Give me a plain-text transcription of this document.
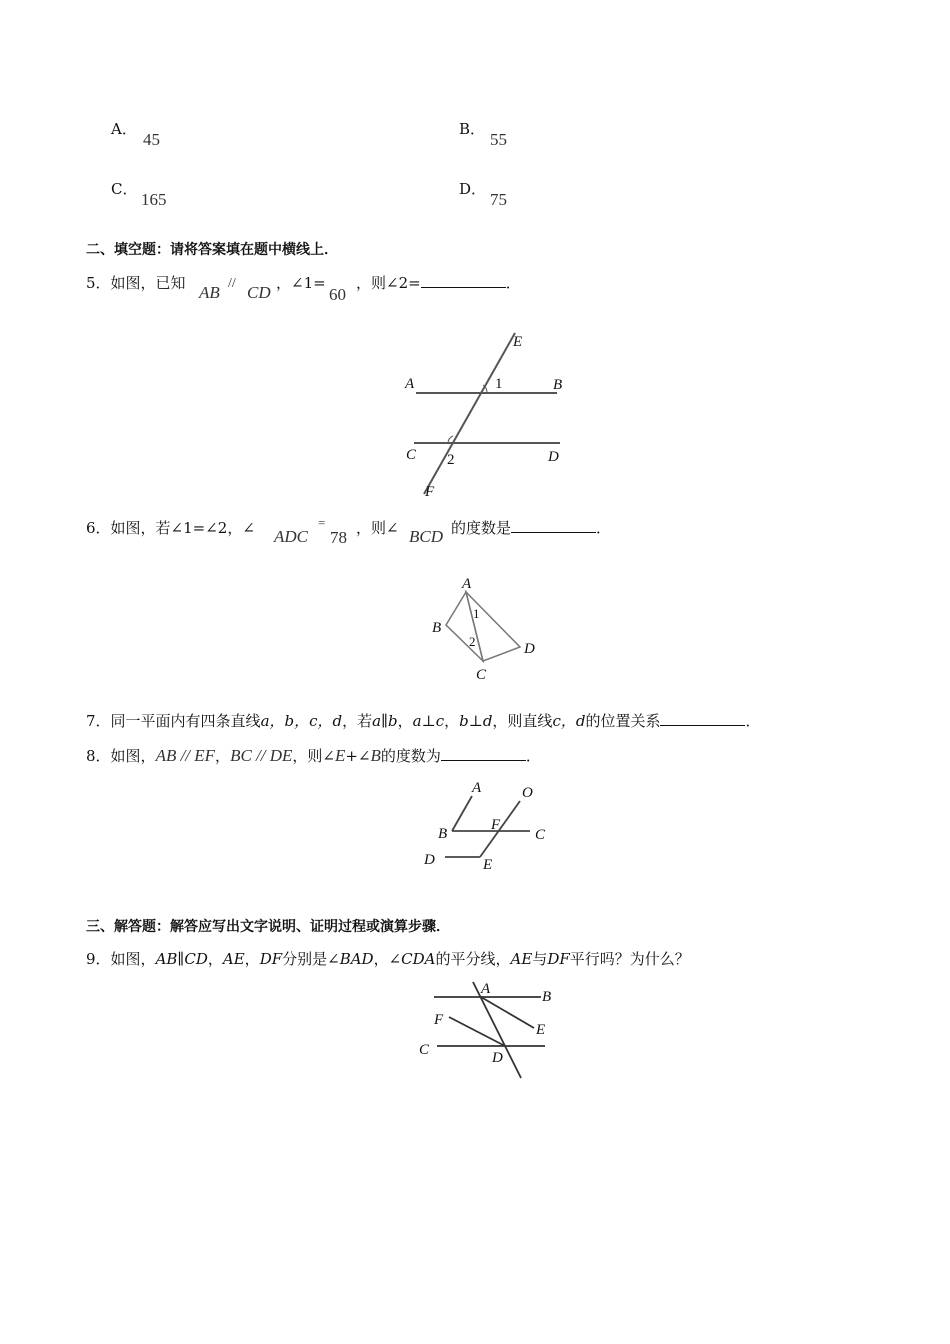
A．
45
B．
55
C．
165
D．
75
二、填空题：请将答案填在题中横线上．
5．如图，已知 AB // CD ，∠1=
60
，则∠2=	．
E
A	1	B
C 2	D
F
6．如图，若∠1=∠2，∠ ADC
=
78 ，则∠ BCD 的度数是	．
A
B
1
2
C
D
7．同一平面内有四条直线a，b，c，d，若a∥b，a⊥c，b⊥d，则直线c，d的位置关系	．
8．如图，AB // EF，BC // DE，则∠E+∠B的度数为	．
A	O
B
F
C
D	E
三、解答题：解答应写出文字说明、证明过程或演算步骤．
9．如图，AB∥CD，AE，DF分别是∠BAD，∠CDA的平分线，AE与DF平行吗？为什么？
A	B
F
E
C	D
